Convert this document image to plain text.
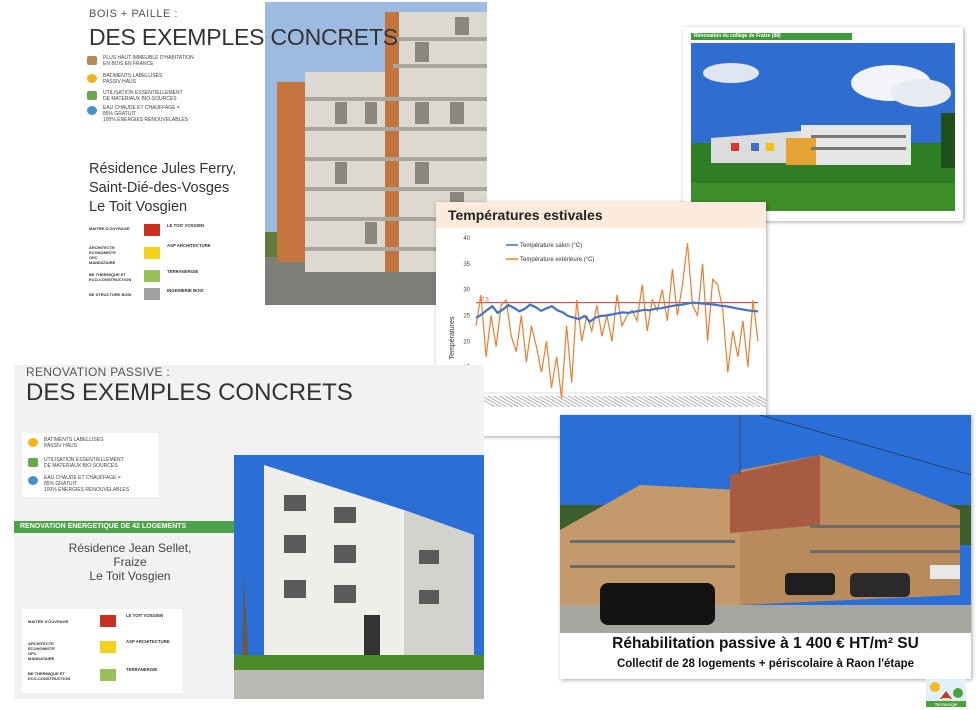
BOIS + PAILLE :
DES EXEMPLES CONCRETS
PLUS HAUT IMMEUBLE D'HABITATION
EN BOIS EN FRANCE
BATIMENTS LABELLISÉS
PASSIV HAUS
UTILISATION ESSENTIELLEMENT
DE MATERIAUX BIO-SOURCES
EAU CHAUDE ET CHAUFFAGE =
85% GRATUIT
100% ENERGIES RENOUVELABLES
Résidence Jules Ferry,
Saint-Dié-des-Vosges
Le Toit Vosgien
MAITRE D'OUVRAGE
LE TOIT VOSGIEN
ARCHITECTE
ECONOMISTE
OPC
MANDATAIRE
ASP ARCHITECTURE
BE THERMIQUE ET
ECO-CONSTRUCTION
TERRANERGIE
BE STRUCTURE BOIS
INGENIERIE BOIS
Rénovation du collège de Fraize (88)
Températures estivales
Températures 20
25
30
35
40
27,5
Température salon (°C)
Température extérieure (°C)
RENOVATION PASSIVE :
DES EXEMPLES CONCRETS
BATIMENTS LABELLISÉS
PASSIV HAUS
UTILISATION ESSENTIELLEMENT
DE MATERIAUX BIO-SOURCES
EAU CHAUDE ET CHAUFFAGE =
85% GRATUIT
100% ENERGIES RENOUVELABLES
RENOVATION ENERGETIQUE DE 42 LOGEMENTS
Résidence Jean Sellet,
Fraize
Le Toit Vosgien
MAITRE D'OUVRAGE
LE TOIT VOSGIEN
ARCHITECTE
ECONOMISTE
OPC
MANDATAIRE
ASP ARCHITECTURE
BE THERMIQUE ET
ECO-CONSTRUCTION
TERRANERGIE
Réhabilitation passive à 1 400 € HT/m² SU
Collectif de 28 logements + périscolaire à Raon l'étape
Terranergie
